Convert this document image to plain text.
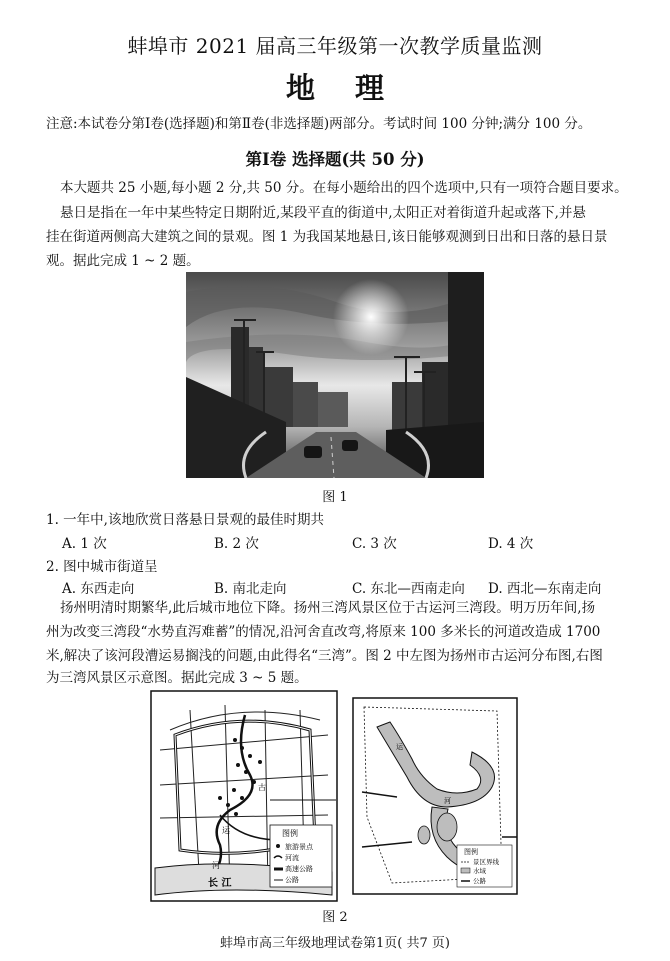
蚌埠市 2021 届高三年级第一次教学质量监测
地理
注意:本试卷分第Ⅰ卷(选择题)和第Ⅱ卷(非选择题)两部分。考试时间 100 分钟;满分 100 分。
第Ⅰ卷 选择题(共 50 分)
本大题共 25 小题,每小题 2 分,共 50 分。在每小题给出的四个选项中,只有一项符合题目要求。
悬日是指在一年中某些特定日期附近,某段平直的街道中,太阳正对着街道升起或落下,并悬
挂在街道两侧高大建筑之间的景观。图 1 为我国某地悬日,该日能够观测到日出和日落的悬日景
观。据此完成 1 ~ 2 题。
图 1
1. 一年中,该地欣赏日落悬日景观的最佳时期共
A. 1 次	B. 2 次	C. 3 次	D. 4 次
2. 图中城市街道呈
A. 东西走向	B. 南北走向	C. 东北—西南走向 D. 西北—东南走向
扬州明清时期繁华,此后城市地位下降。扬州三湾风景区位于古运河三湾段。明万历年间,扬
州为改变三湾段“水势直泻难蓄”的情况,沿河舍直改弯,将原来 100 多米长的河道改造成 1700
米,解决了该河段漕运易搁浅的问题,由此得名“三湾”。图 2 中左图为扬州市古运河分布图,右图
为三湾风景区示意图。据此完成 3 ~ 5 题。
图例
旅游景点
河流
高速公路
公路
古
运
河
长 江
图例
景区界线
水域
公路
运
河
图 2
蚌埠市高三年级地理试卷第1页( 共7 页)
